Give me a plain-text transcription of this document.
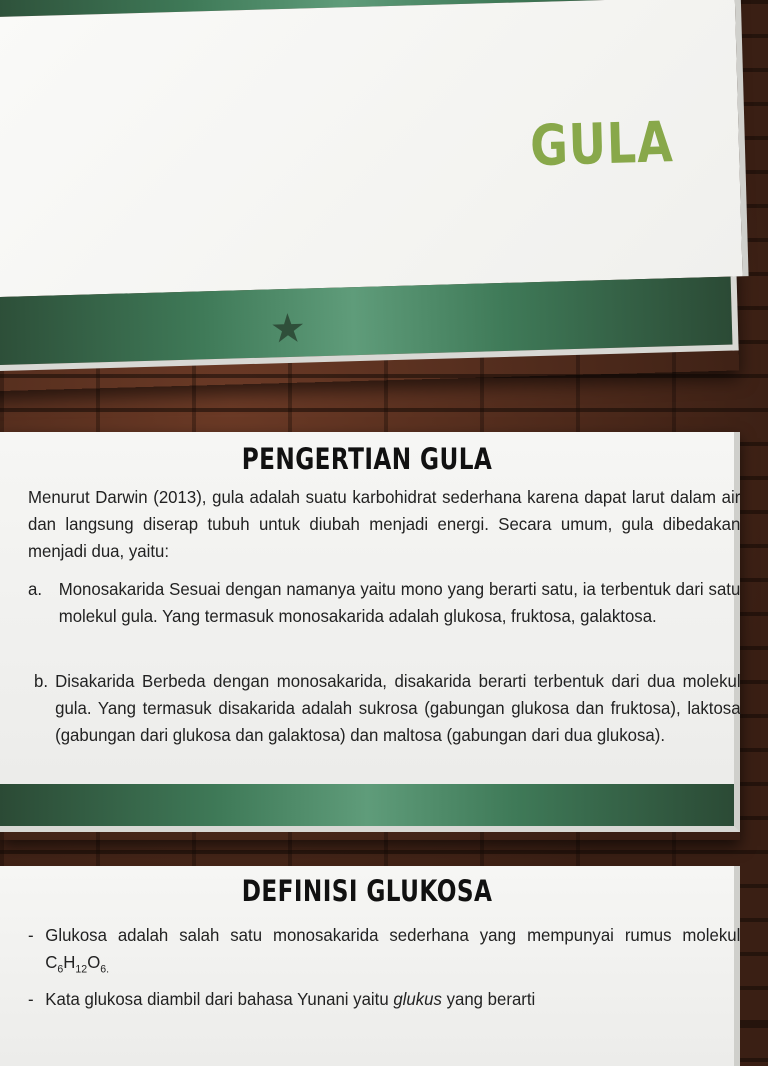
GULA
★
PENGERTIAN GULA
Menurut Darwin (2013), gula adalah suatu karbohidrat sederhana karena dapat larut dalam air dan langsung diserap tubuh untuk diubah menjadi energi. Secara umum, gula dibedakan menjadi dua, yaitu:
a. Monosakarida Sesuai dengan namanya yaitu mono yang berarti satu, ia terbentuk dari satu molekul gula. Yang termasuk monosakarida adalah glukosa, fruktosa, galaktosa.
b. Disakarida Berbeda dengan monosakarida, disakarida berarti terbentuk dari dua molekul gula. Yang termasuk disakarida adalah sukrosa (gabungan glukosa dan fruktosa), laktosa (gabungan dari glukosa dan galaktosa) dan maltosa (gabungan dari dua glukosa).
DEFINISI GLUKOSA
- Glukosa adalah salah satu monosakarida sederhana yang mempunyai rumus molekul $C_6H_{12}O_{6.}$
- Kata glukosa diambil dari bahasa Yunani yaitu glukus yang berarti
